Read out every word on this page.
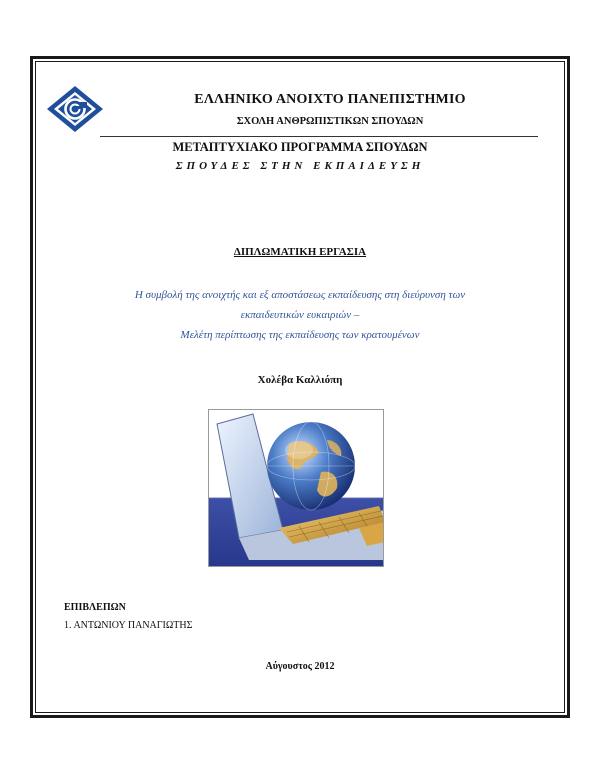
ΕΛΛΗΝΙΚΟ ΑΝΟΙΧΤΟ ΠΑΝΕΠΙΣΤΗΜΙΟ
ΣΧΟΛΗ ΑΝΘΡΩΠΙΣΤΙΚΩΝ ΣΠΟΥΔΩΝ
ΜΕΤΑΠΤΥΧΙΑΚΟ ΠΡΟΓΡΑΜΜΑ ΣΠΟΥΔΩΝ
ΣΠΟΥΔΕΣ ΣΤΗΝ ΕΚΠΑΙΔΕΥΣΗ
ΔΙΠΛΩΜΑΤΙΚΗ ΕΡΓΑΣΙΑ
Η συμβολή της ανοιχτής και εξ αποστάσεως εκπαίδευσης στη διεύρυνση των
εκπαιδευτικών ευκαιριών –
Μελέτη περίπτωσης της εκπαίδευσης των κρατουμένων
Χολέβα Καλλιόπη
ΕΠΙΒΛΕΠΩΝ
1. ΑΝΤΩΝΙΟΥ ΠΑΝΑΓΙΩΤΗΣ
Αύγουστος 2012
